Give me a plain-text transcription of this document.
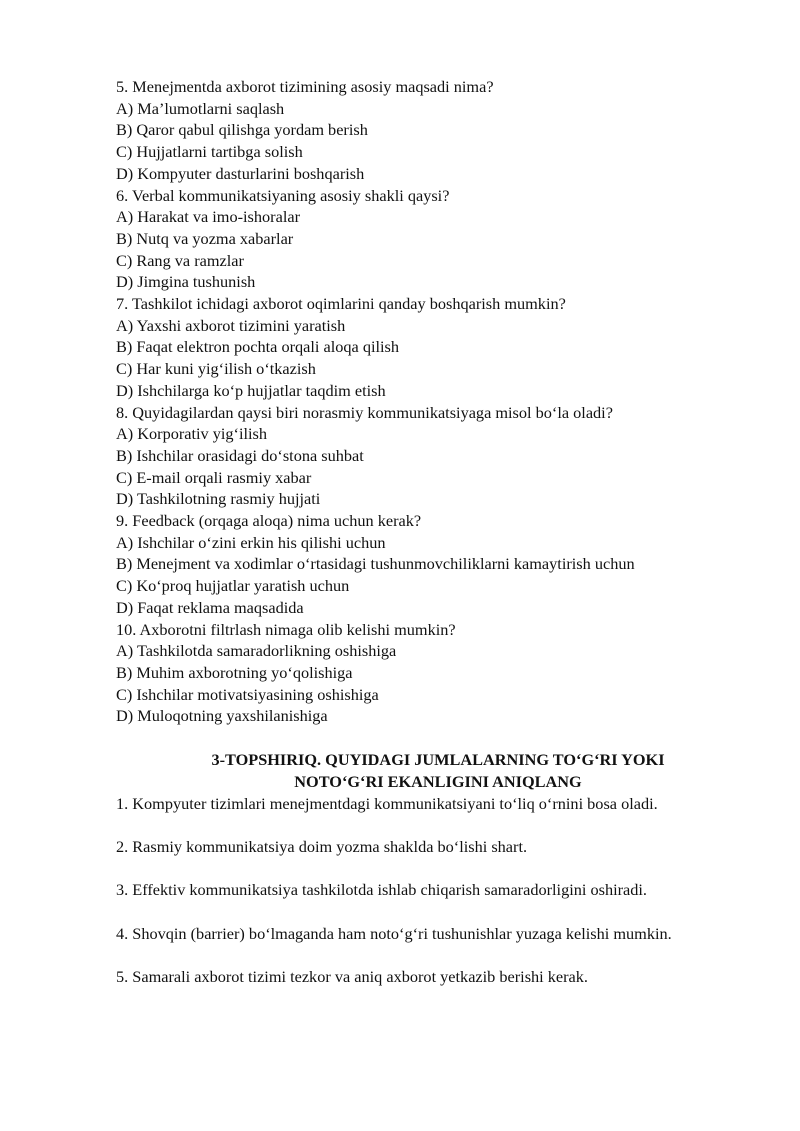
5. Menejmentda axborot tizimining asosiy maqsadi nima?
A) Ma’lumotlarni saqlash
B) Qaror qabul qilishga yordam berish
C) Hujjatlarni tartibga solish
D) Kompyuter dasturlarini boshqarish
6. Verbal kommunikatsiyaning asosiy shakli qaysi?
A) Harakat va imo-ishoralar
B) Nutq va yozma xabarlar
C) Rang va ramzlar
D) Jimgina tushunish
7. Tashkilot ichidagi axborot oqimlarini qanday boshqarish mumkin?
A) Yaxshi axborot tizimini yaratish
B) Faqat elektron pochta orqali aloqa qilish
C) Har kuni yig‘ilish o‘tkazish
D) Ishchilarga ko‘p hujjatlar taqdim etish
8. Quyidagilardan qaysi biri norasmiy kommunikatsiyaga misol bo‘la oladi?
A) Korporativ yig‘ilish
B) Ishchilar orasidagi do‘stona suhbat
C) E-mail orqali rasmiy xabar
D) Tashkilotning rasmiy hujjati
9. Feedback (orqaga aloqa) nima uchun kerak?
A) Ishchilar o‘zini erkin his qilishi uchun
B) Menejment va xodimlar o‘rtasidagi tushunmovchiliklarni kamaytirish uchun
C) Ko‘proq hujjatlar yaratish uchun
D) Faqat reklama maqsadida
10. Axborotni filtrlash nimaga olib kelishi mumkin?
A) Tashkilotda samaradorlikning oshishiga
B) Muhim axborotning yo‘qolishiga
C) Ishchilar motivatsiyasining oshishiga
D) Muloqotning yaxshilanishiga
3-TOPSHIRIQ. QUYIDAGI JUMLALARNING TO‘G‘RI YOKI
NOTO‘G‘RI EKANLIGINI ANIQLANG
1. Kompyuter tizimlari menejmentdagi kommunikatsiyani to‘liq o‘rnini bosa oladi.
2. Rasmiy kommunikatsiya doim yozma shaklda bo‘lishi shart.
3. Effektiv kommunikatsiya tashkilotda ishlab chiqarish samaradorligini oshiradi.
4. Shovqin (barrier) bo‘lmaganda ham noto‘g‘ri tushunishlar yuzaga kelishi mumkin.
5. Samarali axborot tizimi tezkor va aniq axborot yetkazib berishi kerak.
